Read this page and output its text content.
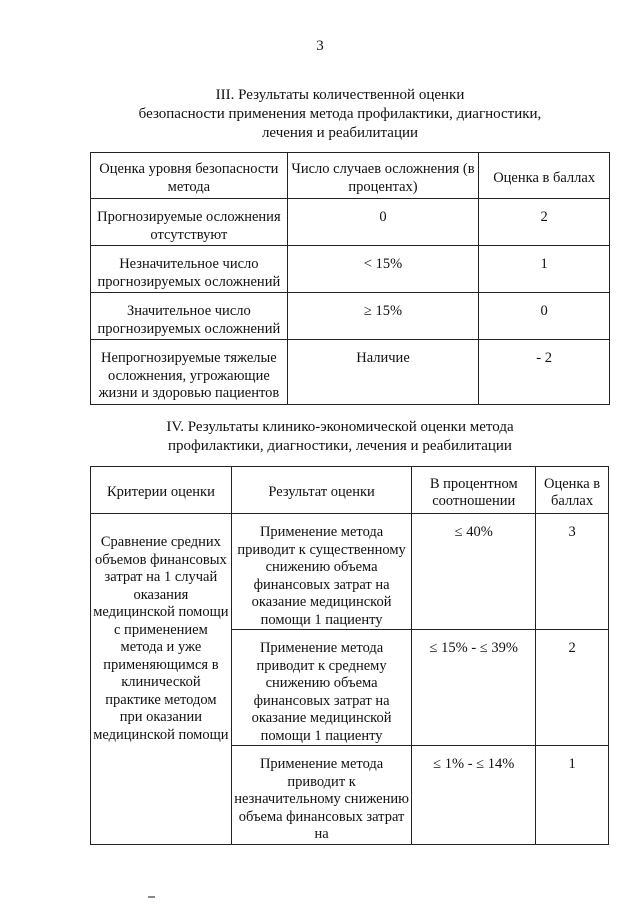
3
III. Результаты количественной оценки
безопасности применения метода профилактики, диагностики,
лечения и реабилитации
Оценка уровня безопасности метода	Число случаев осложнения (в процентах)	Оценка в баллах

Прогнозируемые осложнения отсутствуют	0	2

Незначительное число прогнозируемых осложнений	< 15%	1

Значительное число прогнозируемых осложнений	≥ 15%	0

Непрогнозируемые тяжелые осложнения, угрожающие жизни и здоровью пациентов	Наличие	- 2
IV. Результаты клинико-экономической оценки метода
профилактики, диагностики, лечения и реабилитации
Критерии оценки	Результат оценки	В процентном соотношении	Оценка в баллах

Сравнение средних объемов финансовых затрат на 1 случай оказания медицинской помощи с применением метода и уже применяющимся в клинической практике методом при оказании медицинской помощи	Применение метода приводит к существенному снижению объема финансовых затрат на оказание медицинской помощи 1 пациенту	≤ 40%	3

	Применение метода приводит к среднему снижению объема финансовых затрат на оказание медицинской помощи 1 пациенту	≤ 15% - ≤ 39%	2

	Применение метода приводит к незначительному снижению объема финансовых затрат на	≤ 1% - ≤ 14%	1
